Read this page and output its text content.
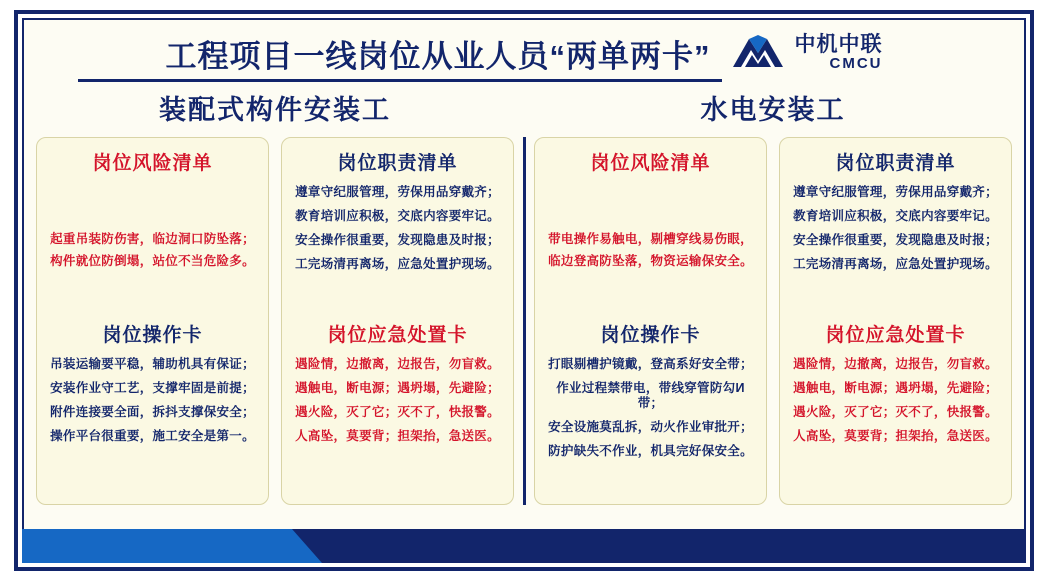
工程项目一线岗位从业人员“两单两卡”	中机中联
CMCU
装配式构件安装工	水电安装工
岗位风险清单
起重吊装防伤害，临边洞口防坠落；
构件就位防倒塌，站位不当危险多。
岗位操作卡
吊装运输要平稳，辅助机具有保证；
安装作业守工艺，支撑牢固是前提；
附件连接要全面，拆抖支撑保安全；
操作平台很重要，施工安全是第一。
岗位职责清单
遵章守纪服管理，劳保用品穿戴齐；
教育培训应积极，交底内容要牢记。
安全操作很重要，发现隐患及时报；
工完场清再离场，应急处置护现场。
岗位应急处置卡
遇险情，边撤离，边报告，勿盲救。
遇触电，断电源；遇坍塌，先避险；
遇火险，灭了它；灭不了，快报警。
人高坠，莫要背；担架抬，急送医。
岗位风险清单
带电操作易触电，剔槽穿线易伤眼，
临边登高防坠落，物资运输保安全。
岗位操作卡
打眼剔槽护镜戴，登高系好安全带；
作业过程禁带电，带线穿管防勾И带；
安全设施莫乱拆，动火作业审批开；
防护缺失不作业，机具完好保安全。
岗位职责清单
遵章守纪服管理，劳保用品穿戴齐；
教育培训应积极，交底内容要牢记。
安全操作很重要，发现隐患及时报；
工完场清再离场，应急处置护现场。
岗位应急处置卡
遇险情，边撤离，边报告，勿盲救。
遇触电，断电源；遇坍塌，先避险；
遇火险，灭了它；灭不了，快报警。
人高坠，莫要背；担架抬，急送医。
